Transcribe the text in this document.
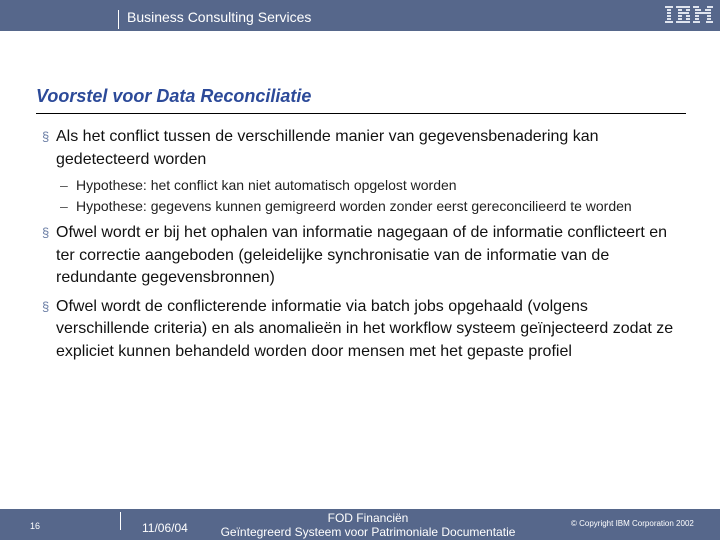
Business Consulting Services
Voorstel voor Data Reconciliatie
§ Als het conflict tussen de verschillende manier van gegevensbenadering kan gedetecteerd worden
– Hypothese: het conflict kan niet automatisch opgelost worden
– Hypothese: gegevens kunnen gemigreerd worden zonder eerst gereconcilieerd te worden
§ Ofwel wordt er bij het ophalen van informatie nagegaan of de informatie conflicteert en ter correctie aangeboden (geleidelijke synchronisatie van de informatie van de redundante gegevensbronnen)
§ Ofwel wordt de conflicterende informatie via batch jobs opgehaald (volgens verschillende criteria) en als anomalieën in het workflow systeem geïnjecteerd zodat ze expliciet kunnen behandeld worden door mensen met het gepaste profiel
16	11/06/04
FOD Financiën
Geïntegreerd Systeem voor Patrimoniale Documentatie
© Copyright IBM Corporation 2002
